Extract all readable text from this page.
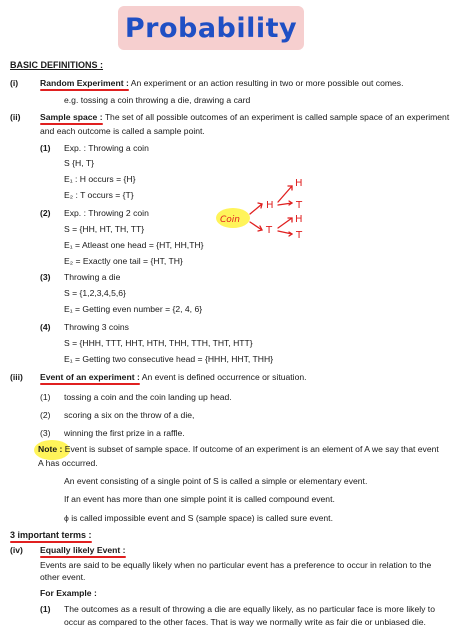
Probability
BASIC DEFINITIONS :
(i)	Random Experiment : An experiment or an action resulting in two or more possible out comes.
e.g. tossing a coin throwing a die, drawing a card
(ii) Sample space : The set of all possible outcomes of an experiment is called sample space of an experiment
and each outcome is called a sample point.
(1) Exp. : Throwing a coin
S {H, T}
E₁ : H occurs = {H}
E₂ : T occurs = {T}
(2) Exp. : Throwing 2 coin
S = {HH, HT, TH, TT}
E₁ = Atleast one head = {HT, HH,TH}
E₂ = Exactly one tail = {HT, TH}
(3) Throwing a die
S = {1,2,3,4,5,6}
E₁ = Getting even number = {2, 4, 6}
(4) Throwing 3 coins
S = {HHH, TTT, HHT, HTH, THH, TTH, THT, HTT}
E₁ = Getting two consecutive head = {HHH, HHT, THH}
Coin
H
T
H
T
H
T
(iii) Event of an experiment : An event is defined occurrence or situation.
(1) tossing a coin and the coin landing up head.
(2) scoring a six on the throw of a die,
(3) winning the first prize in a raffle.
Note : Event is subset of sample space. If outcome of an experiment is an element of A we say that event
A has occurred.
An event consisting of a single point of S is called a simple or elementary event.
If an event has more than one simple point it is called compound event.
ϕ is called impossible event and S (sample space) is called sure event.
3 important terms :
(iv) Equally likely Event :
Events are said to be equally likely when no particular event has a preference to occur in relation to the
other event.
For Example :
(1) The outcomes as a result of throwing a die are equally likely, as no particular face is more likely to
occur as compared to the other faces. That is way we normally write as fair die or unbiased die.
